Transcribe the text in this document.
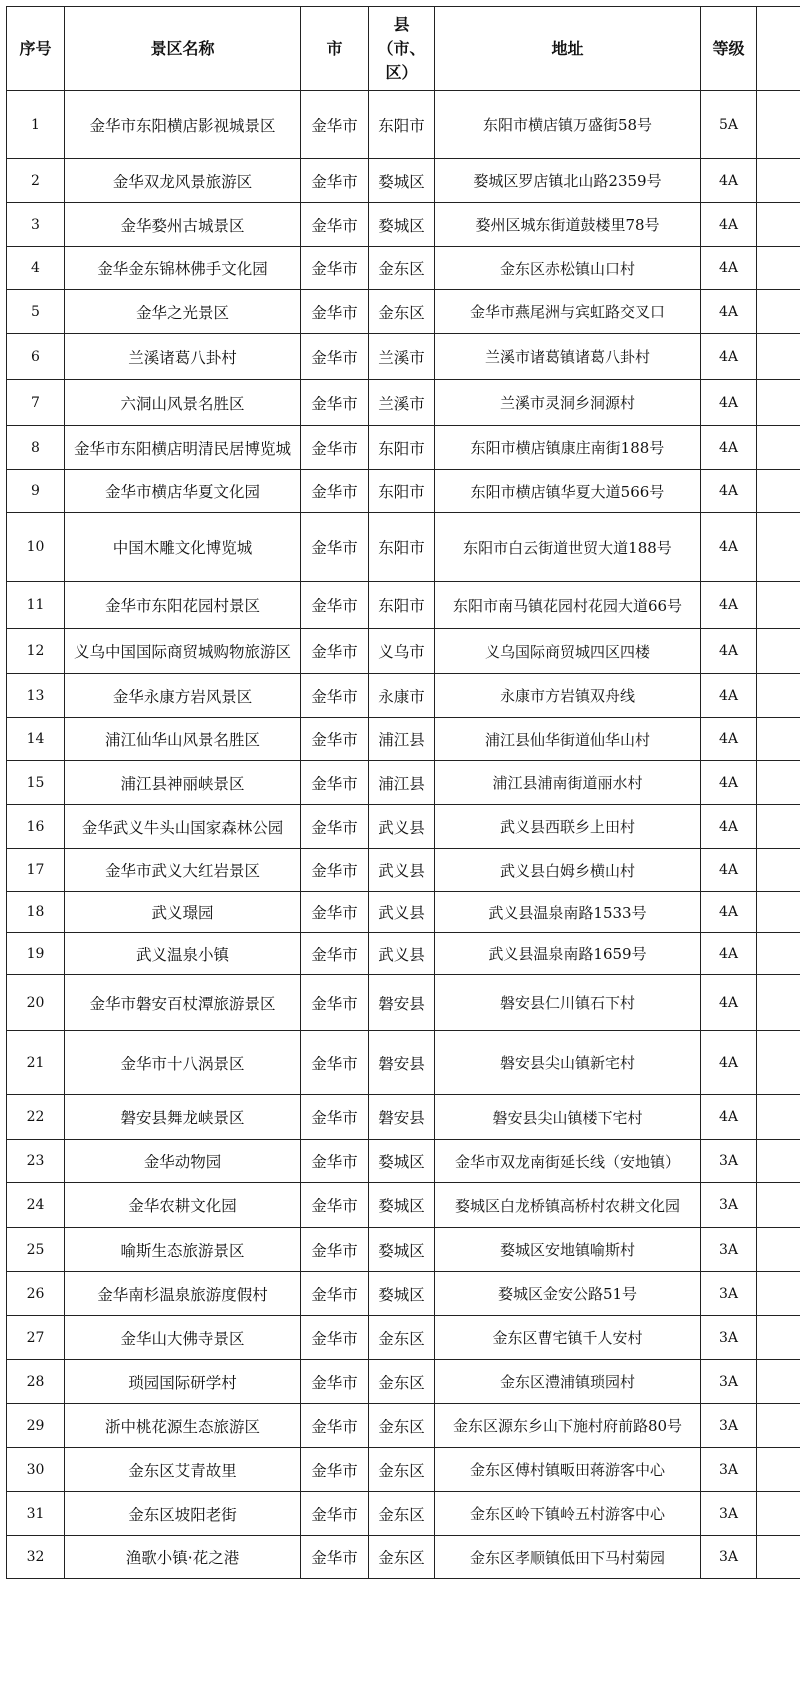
序号	景区名称	市	县（市、区）	地址	等级	
1	金华市东阳横店影视城景区	金华市	东阳市	东阳市横店镇万盛街58号	5A	
2	金华双龙风景旅游区	金华市	婺城区	婺城区罗店镇北山路2359号	4A	
3	金华婺州古城景区	金华市	婺城区	婺州区城东街道鼓楼里78号	4A	
4	金华金东锦林佛手文化园	金华市	金东区	金东区赤松镇山口村	4A	
5	金华之光景区	金华市	金东区	金华市燕尾洲与宾虹路交叉口	4A	
6	兰溪诸葛八卦村	金华市	兰溪市	兰溪市诸葛镇诸葛八卦村	4A	
7	六洞山风景名胜区	金华市	兰溪市	兰溪市灵洞乡洞源村	4A	
8	金华市东阳横店明清民居博览城	金华市	东阳市	东阳市横店镇康庄南街188号	4A	
9	金华市横店华夏文化园	金华市	东阳市	东阳市横店镇华夏大道566号	4A	
10	中国木雕文化博览城	金华市	东阳市	东阳市白云街道世贸大道188号	4A	
11	金华市东阳花园村景区	金华市	东阳市	东阳市南马镇花园村花园大道66号	4A	
12	义乌中国国际商贸城购物旅游区	金华市	义乌市	义乌国际商贸城四区四楼	4A	
13	金华永康方岩风景区	金华市	永康市	永康市方岩镇双舟线	4A	
14	浦江仙华山风景名胜区	金华市	浦江县	浦江县仙华街道仙华山村	4A	
15	浦江县神丽峡景区	金华市	浦江县	浦江县浦南街道丽水村	4A	
16	金华武义牛头山国家森林公园	金华市	武义县	武义县西联乡上田村	4A	
17	金华市武义大红岩景区	金华市	武义县	武义县白姆乡横山村	4A	
18	武义璟园	金华市	武义县	武义县温泉南路1533号	4A	
19	武义温泉小镇	金华市	武义县	武义县温泉南路1659号	4A	
20	金华市磐安百杖潭旅游景区	金华市	磐安县	磐安县仁川镇石下村	4A	
21	金华市十八涡景区	金华市	磐安县	磐安县尖山镇新宅村	4A	
22	磐安县舞龙峡景区	金华市	磐安县	磐安县尖山镇楼下宅村	4A	
23	金华动物园	金华市	婺城区	金华市双龙南街延长线（安地镇）	3A	
24	金华农耕文化园	金华市	婺城区	婺城区白龙桥镇高桥村农耕文化园	3A	
25	喻斯生态旅游景区	金华市	婺城区	婺城区安地镇喻斯村	3A	
26	金华南杉温泉旅游度假村	金华市	婺城区	婺城区金安公路51号	3A	
27	金华山大佛寺景区	金华市	金东区	金东区曹宅镇千人安村	3A	
28	琐园国际研学村	金华市	金东区	金东区澧浦镇琐园村	3A	
29	浙中桃花源生态旅游区	金华市	金东区	金东区源东乡山下施村府前路80号	3A	
30	金东区艾青故里	金华市	金东区	金东区傅村镇畈田蒋游客中心	3A	
31	金东区坡阳老街	金华市	金东区	金东区岭下镇岭五村游客中心	3A	
32	渔歌小镇·花之港	金华市	金东区	金东区孝顺镇低田下马村菊园	3A	
